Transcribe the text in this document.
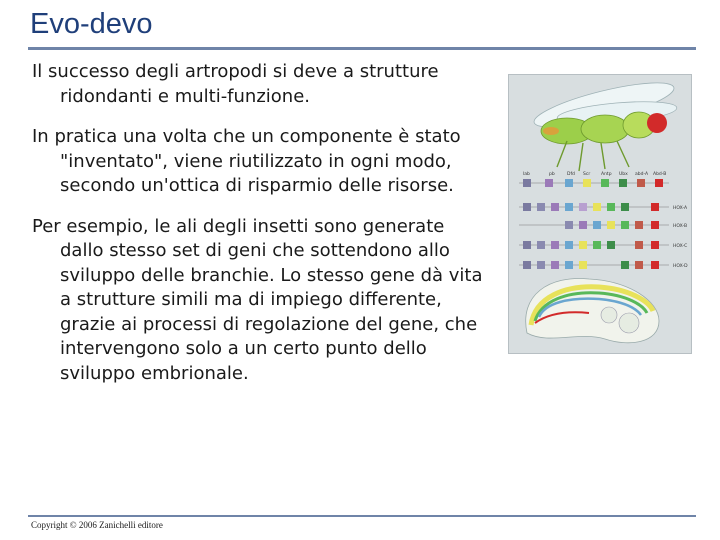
Evo-devo

Il successo degli artropodi si deve a strutture ridondanti e multi-funzione.

In pratica una volta che un componente è stato "inventato", viene riutilizzato in ogni modo, secondo un'ottica di risparmio delle risorse.

Per esempio, le ali degli insetti sono generate dallo stesso set di geni che sottendono allo sviluppo delle branchie. Lo stesso gene dà vita a strutture simili ma di impiego differente, grazie ai processi di regolazione del gene, che intervengono solo a un certo punto dello sviluppo embrionale.

lab	pb	Dfd Scr Antp Ubx abd-A Abd-B
HOX-A
HOX-B
HOX-C
HOX-D
Copyright © 2006 Zanichelli editore
